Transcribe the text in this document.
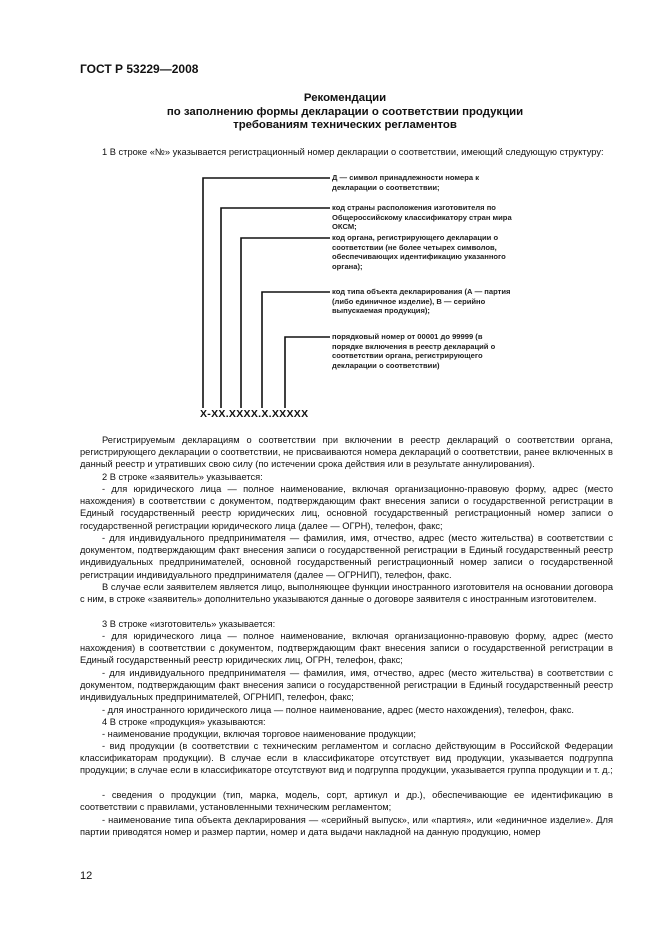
ГОСТ Р 53229—2008
Рекомендации
по заполнению формы декларации о соответствии продукции
требованиям технических регламентов
1 В строке «№» указывается регистрационный номер декларации о соответствии, имеющий следующую структуру:
Д — символ принадлежности номера к декларации о соответствии;
код страны расположения изготовителя по Общероссийскому классификатору стран мира ОКСМ;
код органа, регистрирующего декларации о соответствии (не более четырех символов, обеспечивающих идентификацию указанного органа);
код типа объекта декларирования (А — партия (либо единичное изделие), В — серийно выпускаемая продукция);
порядковый номер от 00001 до 99999 (в порядке включения в реестр деклараций о соответствии органа, регистрирующего декларации о соответствии)
X-XX.XXXX.X.XXXXX
Регистрируемым декларациям о соответствии при включении в реестр деклараций о соответствии органа, регистрирующего декларации о соответствии, не присваиваются номера деклараций о соответствии, ранее включенных в данный реестр и утративших свою силу (по истечении срока действия или в результате аннулирования).
2 В строке «заявитель» указывается:
- для юридического лица — полное наименование, включая организационно-правовую форму, адрес (место нахождения) в соответствии с документом, подтверждающим факт внесения записи о государственной регистрации в Единый государственный реестр юридических лиц, основной государственный регистрационный номер записи о государственной регистрации юридического лица (далее — ОГРН), телефон, факс;
- для индивидуального предпринимателя — фамилия, имя, отчество, адрес (место жительства) в соответствии с документом, подтверждающим факт внесения записи о государственной регистрации в Единый государственный реестр индивидуальных предпринимателей, основной государственный регистрационный номер записи о государственной регистрации индивидуального предпринимателя (далее — ОГРНИП), телефон, факс.
В случае если заявителем является лицо, выполняющее функции иностранного изготовителя на основании договора с ним, в строке «заявитель» дополнительно указываются данные о договоре заявителя с иностранным изготовителем.
3 В строке «изготовитель» указывается:
- для юридического лица — полное наименование, включая организационно-правовую форму, адрес (место нахождения) в соответствии с документом, подтверждающим факт внесения записи о государственной регистрации в Единый государственный реестр юридических лиц, ОГРН, телефон, факс;
- для индивидуального предпринимателя — фамилия, имя, отчество, адрес (место жительства) в соответствии с документом, подтверждающим факт внесения записи о государственной регистрации в Единый государственный реестр индивидуальных предпринимателей, ОГРНИП, телефон, факс;
- для иностранного юридического лица — полное наименование, адрес (место нахождения), телефон, факс.
4 В строке «продукция» указываются:
- наименование продукции, включая торговое наименование продукции;
- вид продукции (в соответствии с техническим регламентом и согласно действующим в Российской Федерации классификаторам продукции). В случае если в классификаторе отсутствует вид продукции, указывается подгруппа продукции; в случае если в классификаторе отсутствуют вид и подгруппа продукции, указывается группа продукции и т. д.;
- сведения о продукции (тип, марка, модель, сорт, артикул и др.), обеспечивающие ее идентификацию в соответствии с правилами, установленными техническим регламентом;
- наименование типа объекта декларирования — «серийный выпуск», или «партия», или «единичное изделие». Для партии приводятся номер и размер партии, номер и дата выдачи накладной на данную продукцию, номер
12
